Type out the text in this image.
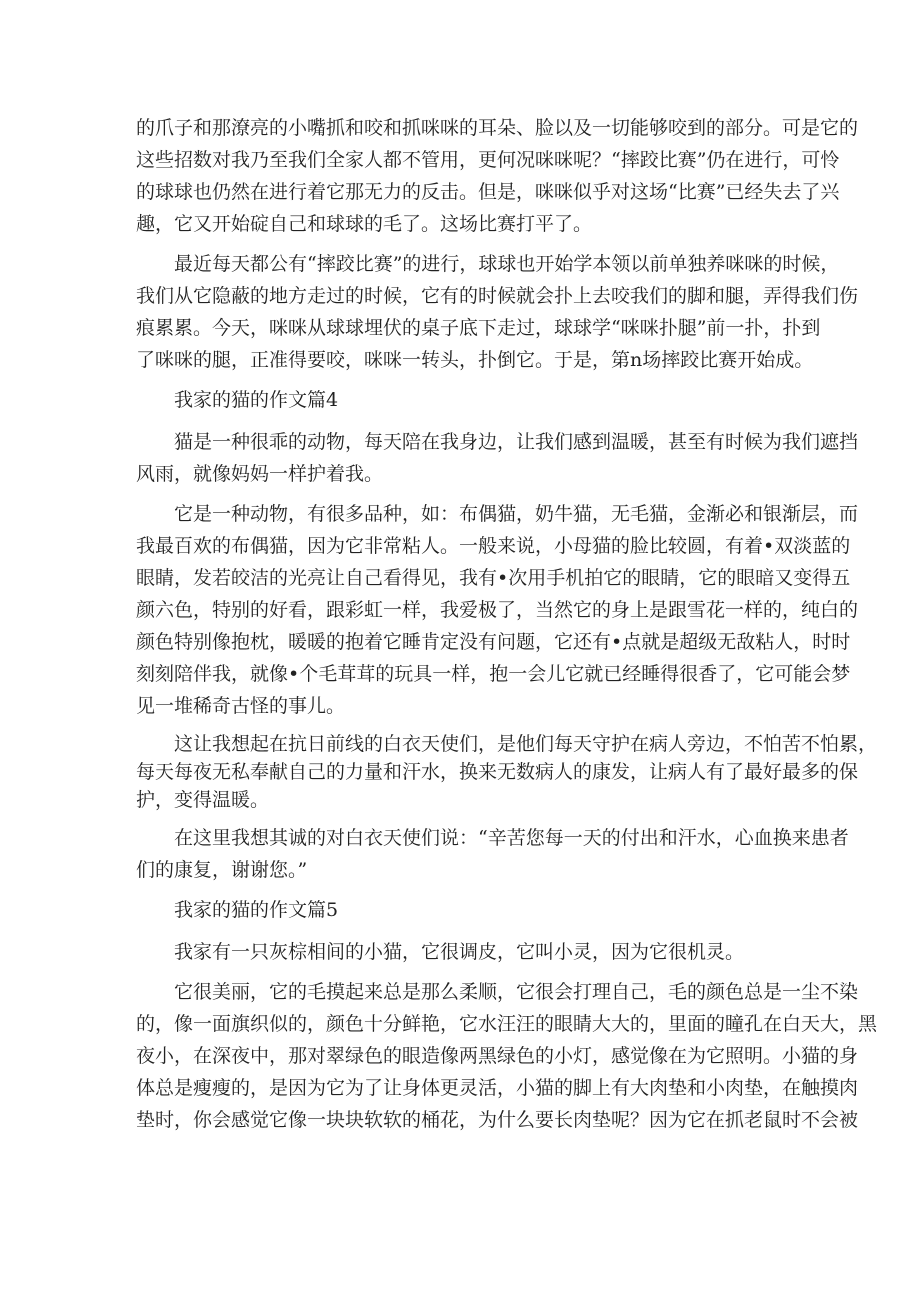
的爪子和那潦亮的小嘴抓和咬和抓咪咪的耳朵、脸以及一切能够咬到的部分。可是它的
这些招数对我乃至我们全家人都不管用，更何况咪咪呢？“摔跤比赛”仍在进行，可怜
的球球也仍然在进行着它那无力的反击。但是，咪咪似乎对这场“比赛”已经失去了兴
趣，它又开始碇自己和球球的毛了。这场比赛打平了。
　　最近每天都公有“摔跤比赛”的进行，球球也开始学本领以前单独养咪咪的时候，
我们从它隐蔽的地方走过的时候，它有的时候就会扑上去咬我们的脚和腿，弄得我们伤
痕累累。今天，咪咪从球球埋伏的桌子底下走过，球球学“咪咪扑腿”前一扑，扑到
了咪咪的腿，正准得要咬，咪咪一转头，扑倒它。于是，第n场摔跤比赛开始成。
我家的猫的作文篇4
　　猫是一种很乖的动物，每天陪在我身边，让我们感到温暖，甚至有时候为我们遮挡
风雨，就像妈妈一样护着我。
　　它是一种动物，有很多品种，如：布偶猫，奶牛猫，无毛猫，金渐必和银渐层，而
我最百欢的布偶猫，因为它非常粘人。一般来说，小母猫的脸比较圆，有着•双淡蓝的
眼睛，发若皎洁的光亮让自己看得见，我有•次用手机拍它的眼睛，它的眼暗又变得五
颜六色，特别的好看，跟彩虹一样，我爱极了，当然它的身上是跟雪花一样的，纯白的
颜色特别像抱枕，暖暖的抱着它睡肯定没有问题，它还有•点就是超级无敌粘人，时时
刻刻陪伴我，就像•个毛茸茸的玩具一样，抱一会儿它就已经睡得很香了，它可能会梦
见一堆稀奇古怪的事儿。
　　这让我想起在抗日前线的白衣天使们，是他们每天守护在病人旁边，不怕苦不怕累，
每天每夜无私奉献自己的力量和汗水，换来无数病人的康发，让病人有了最好最多的保
护，变得温暖。
　　在这里我想其诚的对白衣天使们说：“辛苦您每一天的付出和汗水，心血换来患者
们的康复，谢谢您。”
我家的猫的作文篇5
　　我家有一只灰棕相间的小猫，它很调皮，它叫小灵，因为它很机灵。
　　它很美丽，它的毛摸起来总是那么柔顺，它很会打理自己，毛的颜色总是一尘不染
的，像一面旗织似的，颜色十分鲜艳，它水汪汪的眼睛大大的，里面的瞳孔在白天大，黑
夜小，在深夜中，那对翠绿色的眼造像两黑绿色的小灯，感觉像在为它照明。小猫的身
体总是瘦瘦的，是因为它为了让身体更灵活，小猫的脚上有大肉垫和小肉垫，在触摸肉
垫时，你会感觉它像一块块软软的桶花，为什么要长肉垫呢？因为它在抓老鼠时不会被
